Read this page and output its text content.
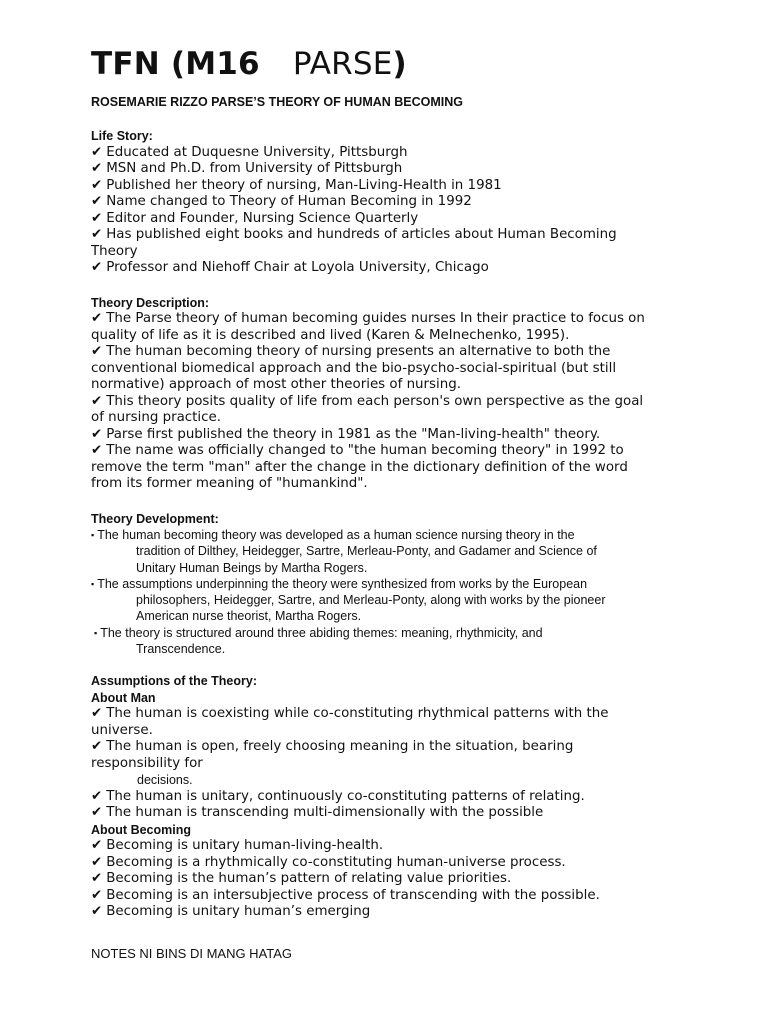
TFN (M16 PARSE)
ROSEMARIE RIZZO PARSE’S THEORY OF HUMAN BECOMING
Life Story:
✔ Educated at Duquesne University, Pittsburgh
✔ MSN and Ph.D. from University of Pittsburgh
✔ Published her theory of nursing, Man-Living-Health in 1981
✔ Name changed to Theory of Human Becoming in 1992
✔ Editor and Founder, Nursing Science Quarterly
✔ Has published eight books and hundreds of articles about Human Becoming
Theory
✔ Professor and Niehoff Chair at Loyola University, Chicago
Theory Description:
✔ The Parse theory of human becoming guides nurses In their practice to focus on
quality of life as it is described and lived (Karen & Melnechenko, 1995).
✔ The human becoming theory of nursing presents an alternative to both the
conventional biomedical approach and the bio-psycho-social-spiritual (but still
normative) approach of most other theories of nursing.
✔ This theory posits quality of life from each person's own perspective as the goal
of nursing practice.
✔ Parse first published the theory in 1981 as the "Man-living-health" theory.
✔ The name was officially changed to "the human becoming theory" in 1992 to
remove the term "man" after the change in the dictionary definition of the word
from its former meaning of "humankind".
Theory Development:
▪ The human becoming theory was developed as a human science nursing theory in the
tradition of Dilthey, Heidegger, Sartre, Merleau-Ponty, and Gadamer and Science of
Unitary Human Beings by Martha Rogers.
▪ The assumptions underpinning the theory were synthesized from works by the European
philosophers, Heidegger, Sartre, and Merleau-Ponty, along with works by the pioneer
American nurse theorist, Martha Rogers.
▪ The theory is structured around three abiding themes: meaning, rhythmicity, and
Transcendence.
Assumptions of the Theory:
About Man
✔ The human is coexisting while co-constituting rhythmical patterns with the
universe.
✔ The human is open, freely choosing meaning in the situation, bearing
responsibility for
decisions.
✔ The human is unitary, continuously co-constituting patterns of relating.
✔ The human is transcending multi-dimensionally with the possible
About Becoming
✔ Becoming is unitary human-living-health.
✔ Becoming is a rhythmically co-constituting human-universe process.
✔ Becoming is the human’s pattern of relating value priorities.
✔ Becoming is an intersubjective process of transcending with the possible.
✔ Becoming is unitary human’s emerging
NOTES NI BINS DI MANG HATAG
